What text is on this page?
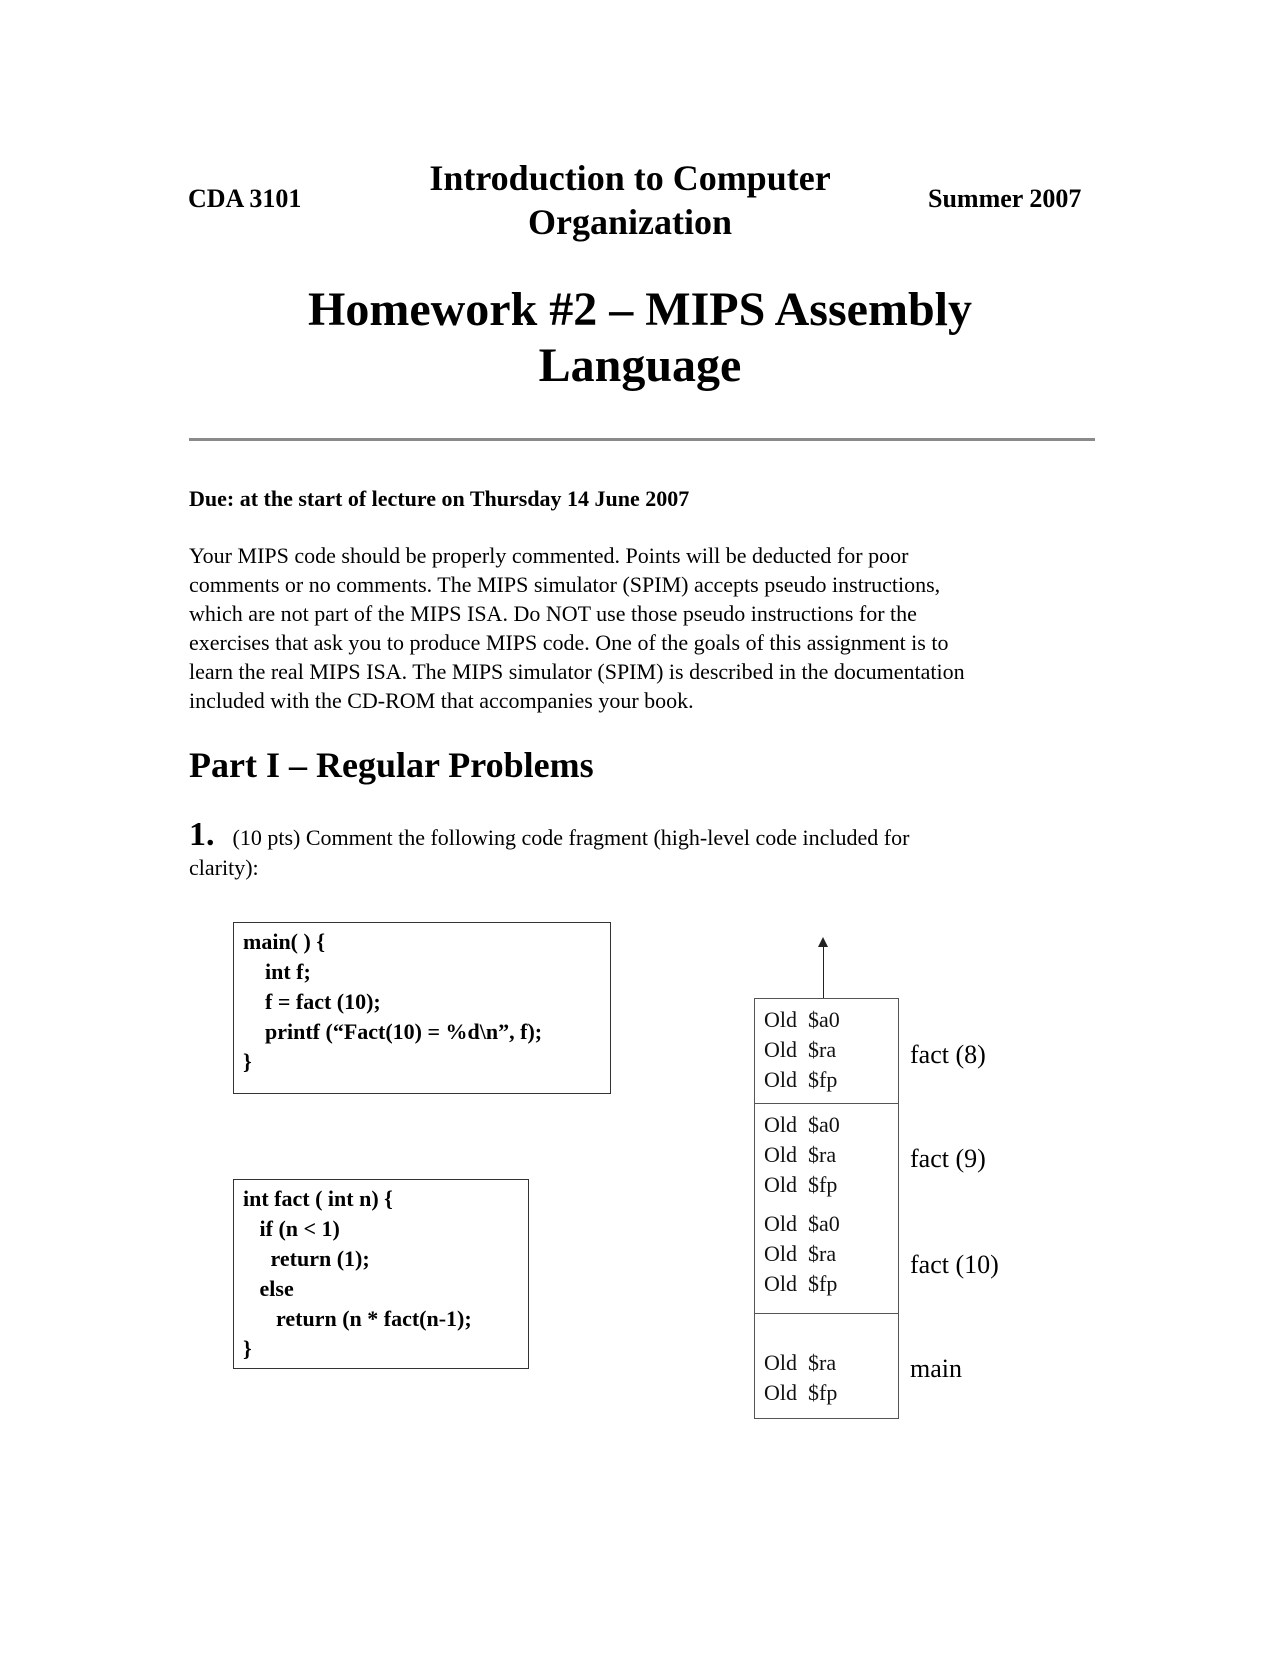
CDA 3101
Introduction to Computer
Organization
Summer 2007
Homework #2 – MIPS Assembly
Language
Due: at the start of lecture on Thursday 14 June 2007
Your MIPS code should be properly commented. Points will be deducted for poor
comments or no comments. The MIPS simulator (SPIM) accepts pseudo instructions,
which are not part of the MIPS ISA. Do NOT use those pseudo instructions for the
exercises that ask you to produce MIPS code. One of the goals of this assignment is to
learn the real MIPS ISA. The MIPS simulator (SPIM) is described in the documentation
included with the CD-ROM that accompanies your book.
Part I – Regular Problems
1. (10 pts) Comment the following code fragment (high-level code included for
clarity):
main( ) {
int f;
f = fact (10);
printf (“Fact(10) = %d\n”, f);
}
int fact ( int n) {
if (n < 1)
return (1);
else
return (n * fact(n-1);
}
Old  $a0
Old  $ra
Old  $fp
Old  $a0
Old  $ra
Old  $fp
Old  $a0
Old  $ra
Old  $fp
Old  $ra
Old  $fp
fact (8)
fact (9)
fact (10)
main
